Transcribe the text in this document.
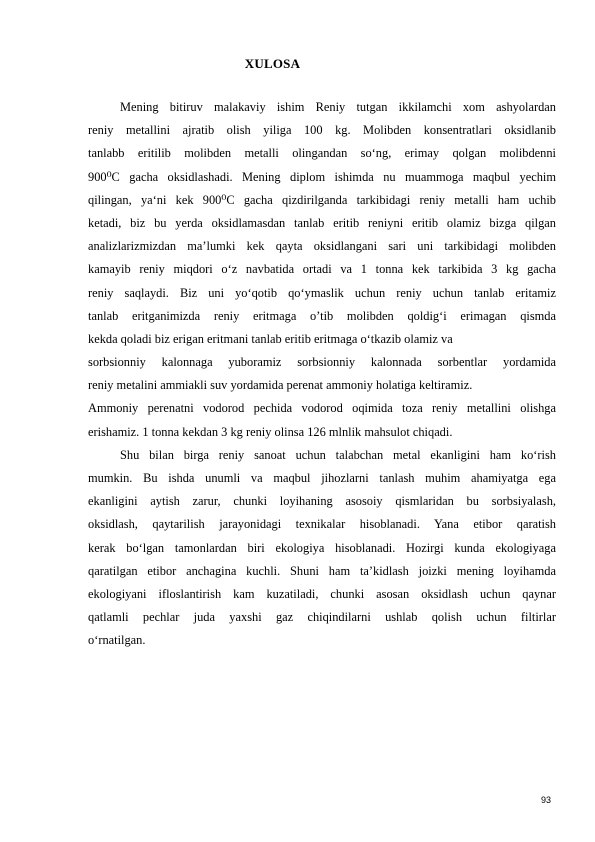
XULOSA
Mening bitiruv malakaviy ishim Reniy tutgan ikkilamchi xom ashyolardan
reniy metallini ajratib olish yiliga 100 kg. Molibden konsentratlari oksidlanib
tanlabb eritilib molibden metalli olingandan so‘ng, erimay qolgan molibdenni
900⁰C gacha oksidlashadi. Mening diplom ishimda nu muammoga maqbul yechim
qilingan, ya‘ni kek 900⁰C gacha qizdirilganda tarkibidagi reniy metalli ham uchib
ketadi, biz bu yerda oksidlamasdan tanlab eritib reniyni eritib olamiz bizga qilgan
analizlarizmizdan ma’lumki kek qayta oksidlangani sari uni tarkibidagi molibden
kamayib reniy miqdori o‘z navbatida ortadi va 1 tonna kek tarkibida 3 kg gacha
reniy saqlaydi. Biz uni yo‘qotib qo‘ymaslik uchun reniy uchun tanlab eritamiz
tanlab eritganimizda reniy eritmaga o’tib molibden qoldig‘i erimagan qismda
kekda qoladi biz erigan eritmani tanlab eritib eritmaga o‘tkazib olamiz va
sorbsionniy kalonnaga yuboramiz sorbsionniy kalonnada sorbentlar yordamida
reniy metalini ammiakli suv yordamida perenat ammoniy holatiga keltiramiz.
Ammoniy perenatni vodorod pechida vodorod oqimida toza reniy metallini olishga
erishamiz. 1 tonna kekdan 3 kg reniy olinsa 126 mlnlik mahsulot chiqadi.
Shu bilan birga reniy sanoat uchun talabchan metal ekanligini ham ko‘rish
mumkin. Bu ishda unumli va maqbul jihozlarni tanlash muhim ahamiyatga ega
ekanligini aytish zarur, chunki loyihaning asosoiy qismlaridan bu sorbsiyalash,
oksidlash, qaytarilish jarayonidagi texnikalar hisoblanadi. Yana etibor qaratish
kerak bo‘lgan tamonlardan biri ekologiya hisoblanadi. Hozirgi kunda ekologiyaga
qaratilgan etibor anchagina kuchli. Shuni ham ta’kidlash joizki mening loyihamda
ekologiyani ifloslantirish kam kuzatiladi, chunki asosan oksidlash uchun qaynar
qatlamli pechlar juda yaxshi gaz chiqindilarni ushlab qolish uchun filtirlar
o‘rnatilgan.
93
